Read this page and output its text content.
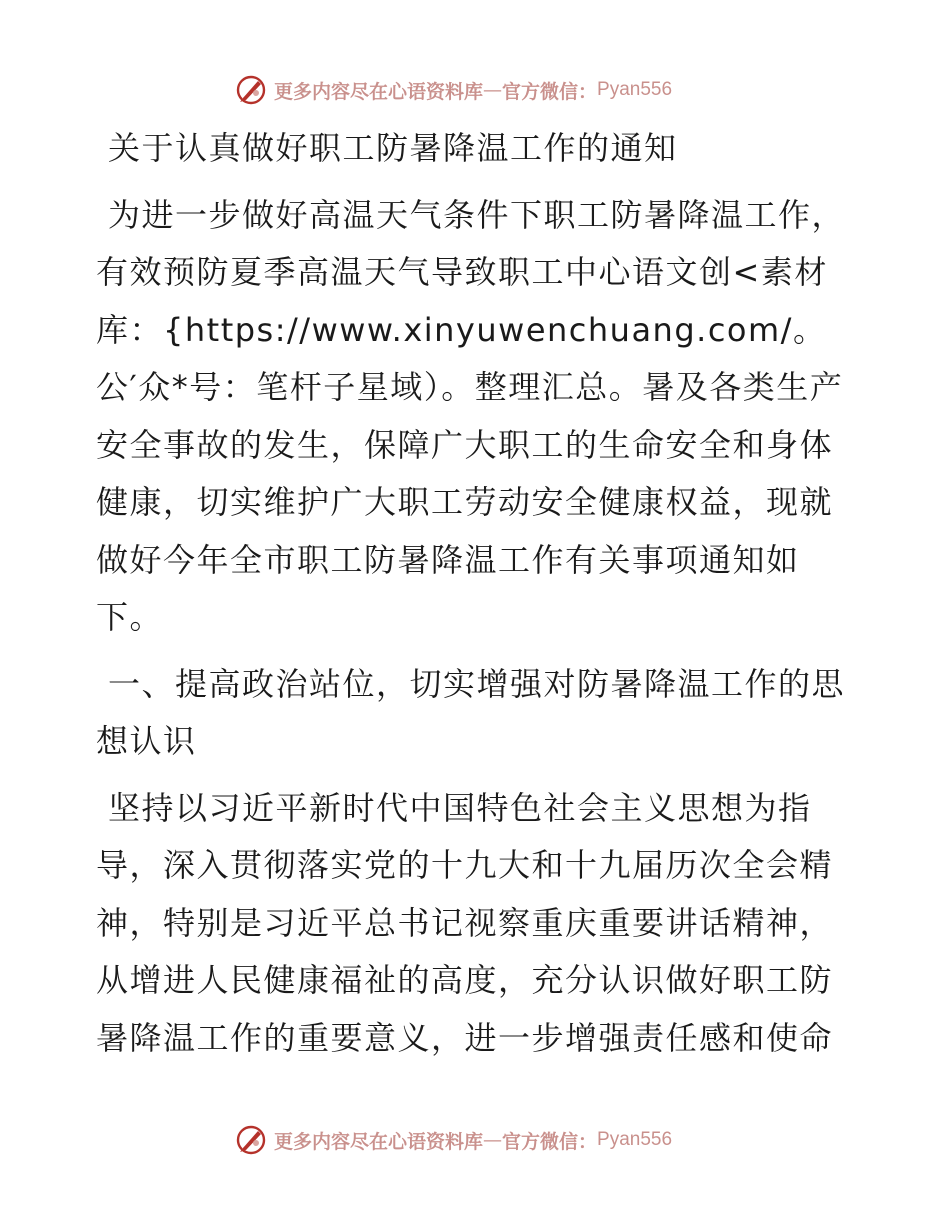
更多内容尽在心语资料库 — 官方微信： Pyan556

关于认真做好职工防暑降温工作的通知

为进一步做好高温天气条件下职工防暑降温工作，有效预防夏季高温天气导致职工中心语文创<素材库：{https://www.xinyuwenchuang.com/。公′众*号：笔杆子星域）。整理汇总。暑及各类生产安全事故的发生，保障广大职工的生命安全和身体健康，切实维护广大职工劳动安全健康权益，现就做好今年全市职工防暑降温工作有关事项通知如下。

一、提高政治站位，切实增强对防暑降温工作的思想认识

坚持以习近平新时代中国特色社会主义思想为指导，深入贯彻落实党的十九大和十九届历次全会精神，特别是习近平总书记视察重庆重要讲话精神，从增进人民健康福祉的高度，充分认识做好职工防暑降温工作的重要意义，进一步增强责任感和使命

更多内容尽在心语资料库 — 官方微信： Pyan556
